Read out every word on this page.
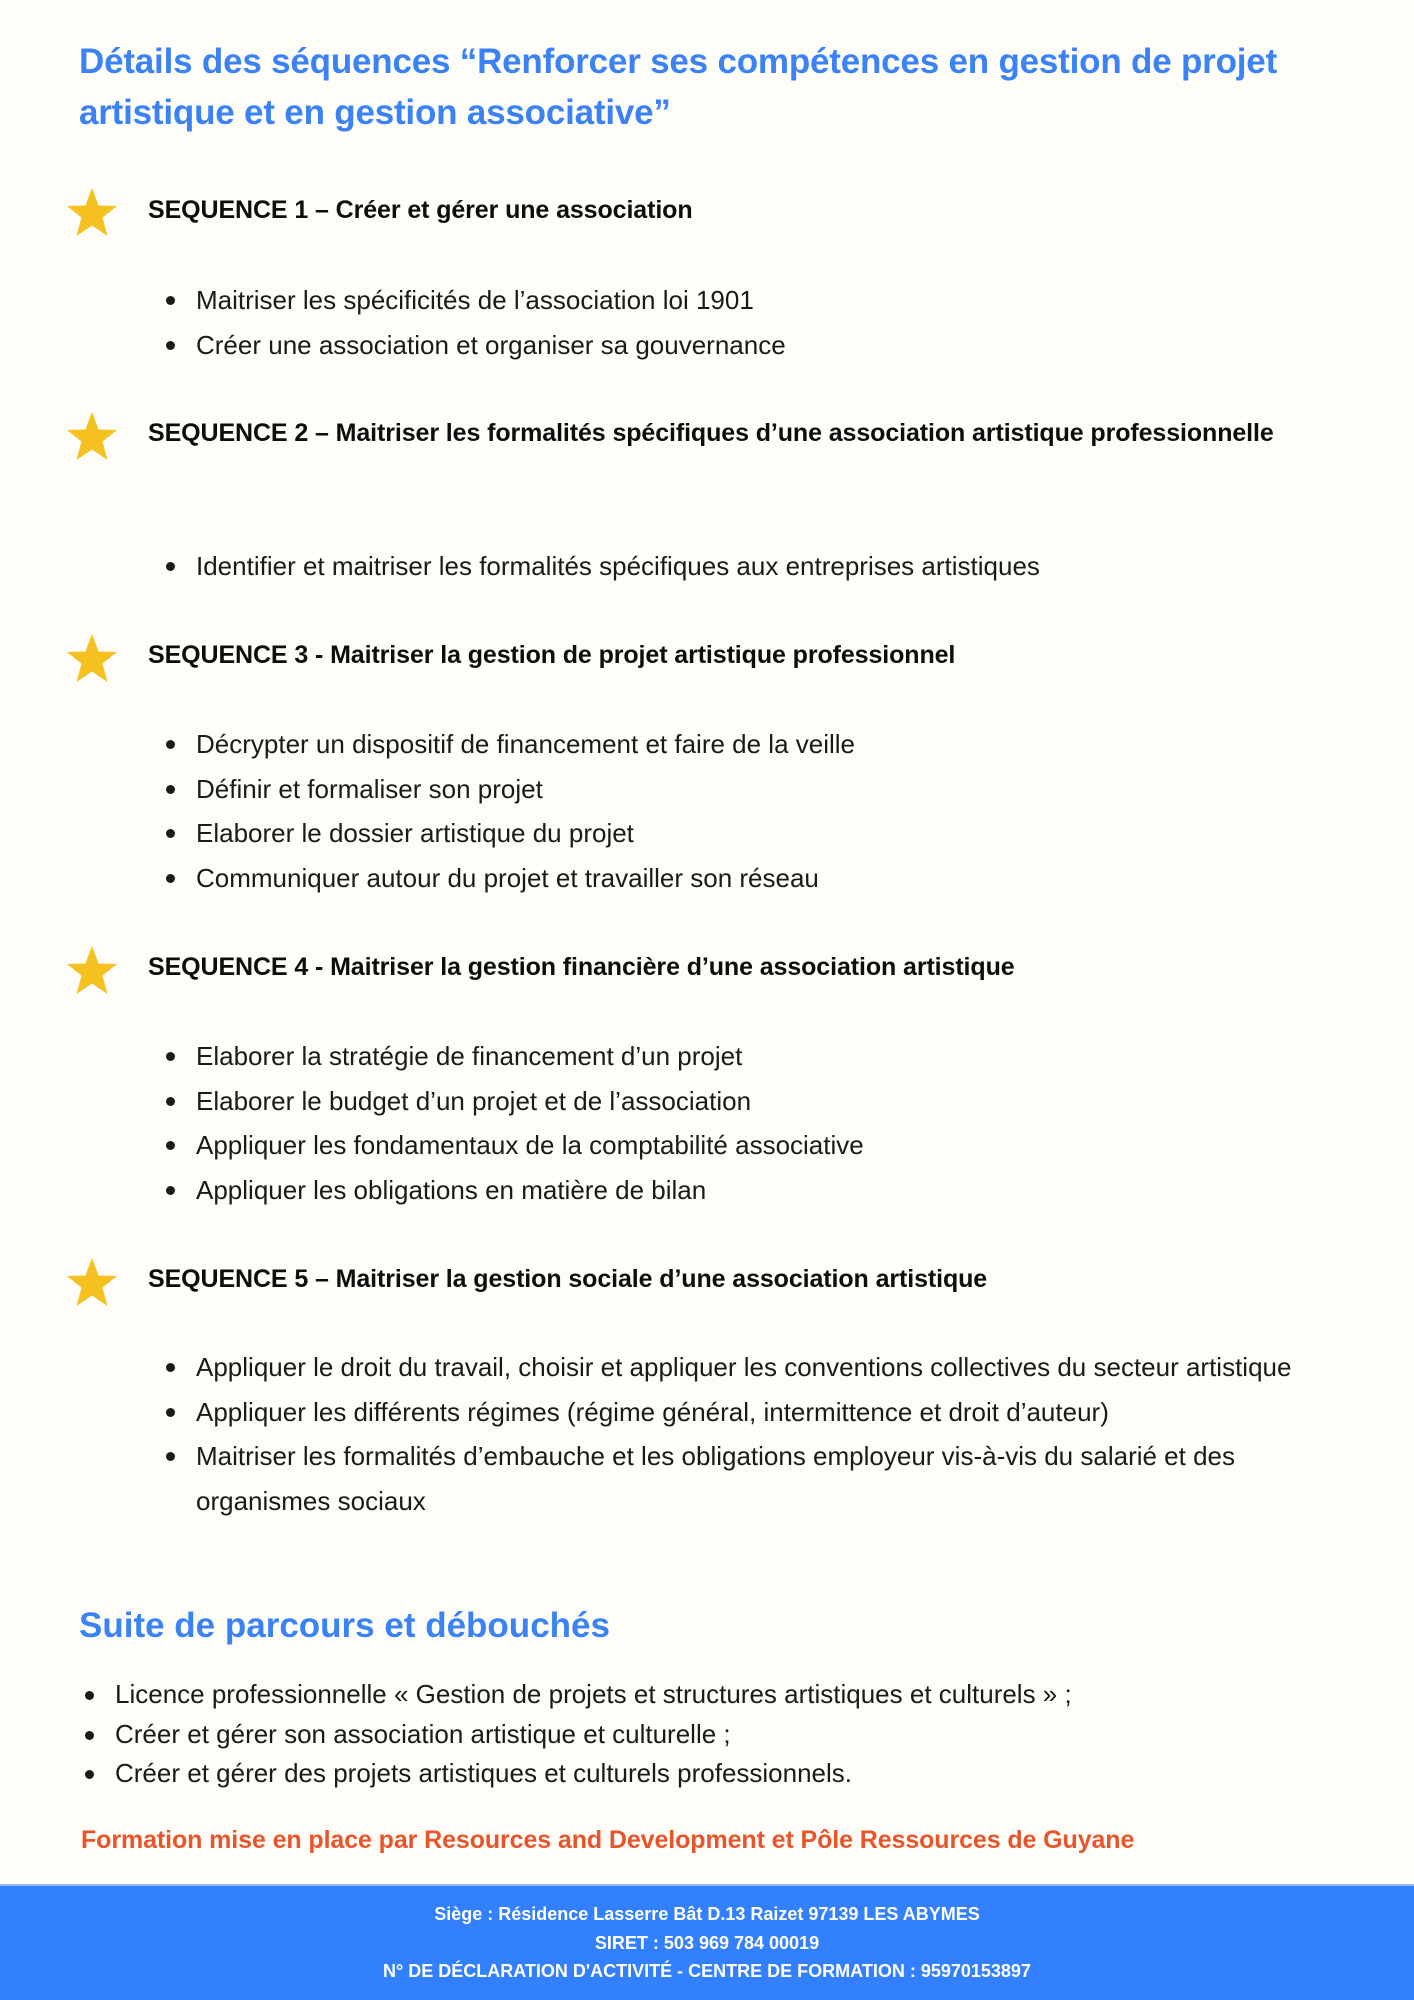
Détails des séquences “Renforcer ses compétences en gestion de projet artistique et en gestion associative”
SEQUENCE 1 – Créer et gérer une association
Maitriser les spécificités de l’association loi 1901
Créer une association et organiser sa gouvernance
SEQUENCE 2 – Maitriser les formalités spécifiques d’une association artistique professionnelle
Identifier et maitriser les formalités spécifiques aux entreprises artistiques
SEQUENCE 3 - Maitriser la gestion de projet artistique professionnel
Décrypter un dispositif de financement et faire de la veille
Définir et formaliser son projet
Elaborer le dossier artistique du projet
Communiquer autour du projet et travailler son réseau
SEQUENCE 4 - Maitriser la gestion financière d’une association artistique
Elaborer la stratégie de financement d’un projet
Elaborer le budget d’un projet et de l’association
Appliquer les fondamentaux de la comptabilité associative
Appliquer les obligations en matière de bilan
SEQUENCE 5 – Maitriser la gestion sociale d’une association artistique
Appliquer le droit du travail, choisir et appliquer les conventions collectives du secteur artistique
Appliquer les différents régimes (régime général, intermittence et droit d’auteur)
Maitriser les formalités d’embauche et les obligations employeur vis-à-vis du salarié et des organismes sociaux
Suite de parcours et débouchés
Licence professionnelle « Gestion de projets et structures artistiques et culturels » ;
Créer et gérer son association artistique et culturelle ;
Créer et gérer des projets artistiques et culturels professionnels.
Formation mise en place par Resources and Development et Pôle Ressources de Guyane
Siège : Résidence Lasserre Bât D.13 Raizet 97139 LES ABYMES
SIRET : 503 969 784 00019
N° DE DÉCLARATION D'ACTIVITÉ - CENTRE DE FORMATION : 95970153897
